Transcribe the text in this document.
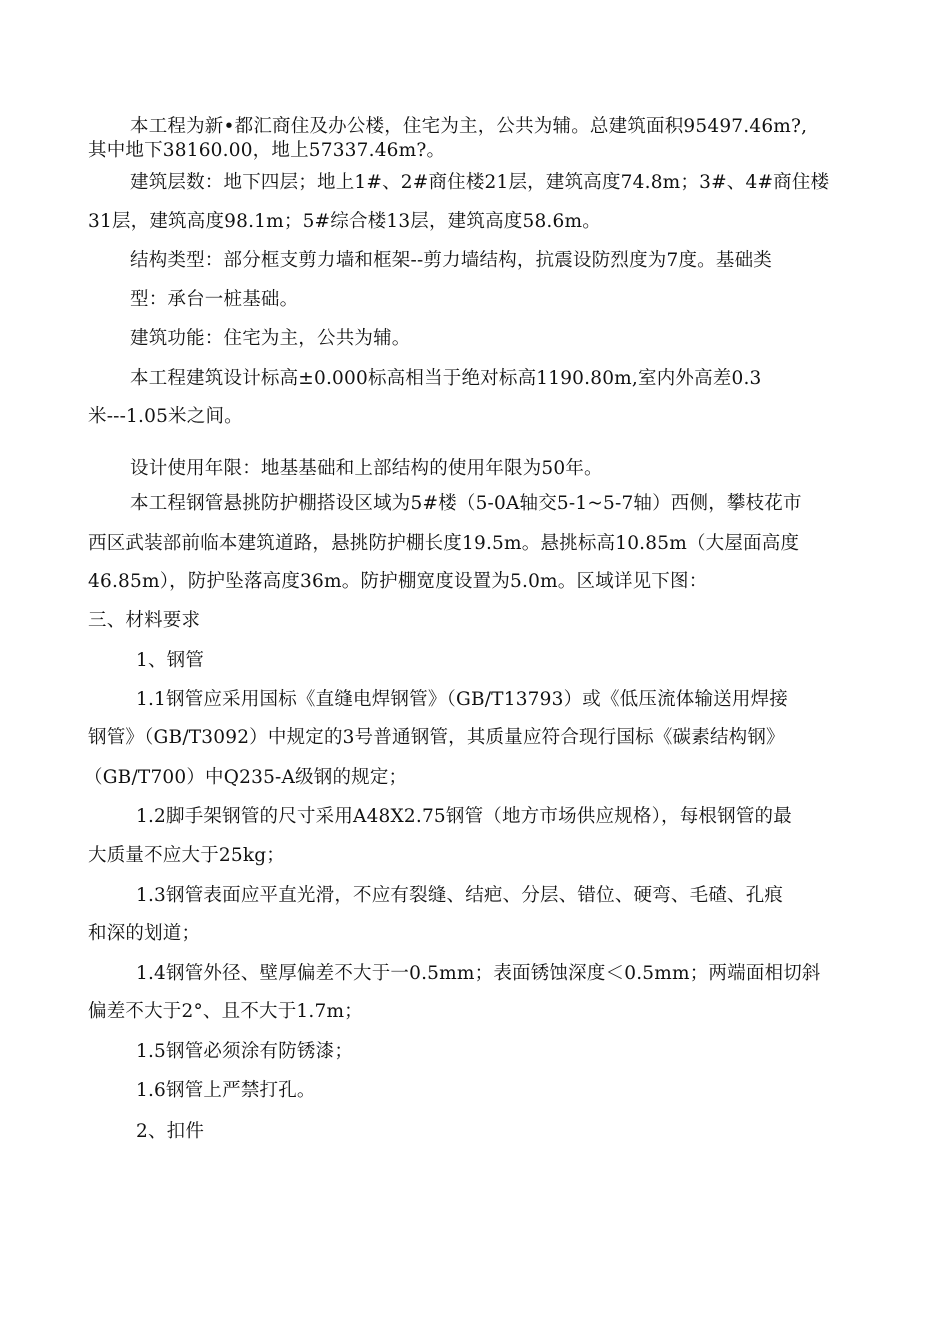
本工程为新•都汇商住及办公楼，住宅为主，公共为辅。总建筑面积95497.46m?,

其中地下38160.00，地上57337.46m?。

建筑层数：地下四层；地上1#、2#商住楼21层，建筑高度74.8m；3#、4#商住楼

31层，建筑高度98.1m；5#综合楼13层，建筑高度58.6m。

结构类型：部分框支剪力墙和框架--剪力墙结构，抗震设防烈度为7度。基础类

型：承台一桩基础。

建筑功能：住宅为主，公共为辅。

本工程建筑设计标高±0.000标高相当于绝对标高1190.80m,室内外高差0.3

米---1.05米之间。

设计使用年限：地基基础和上部结构的使用年限为50年。

本工程钢管悬挑防护棚搭设区域为5#楼（5-0A轴交5-1~5-7轴）西侧，攀枝花市

西区武装部前临本建筑道路，悬挑防护棚长度19.5m。悬挑标高10.85m（大屋面高度

46.85m），防护坠落高度36m。防护棚宽度设置为5.0m。区域详见下图：

三、材料要求

1、钢管

1.1钢管应采用国标《直缝电焊钢管》（GB/T13793）或《低压流体输送用焊接

钢管》（GB/T3092）中规定的3号普通钢管，其质量应符合现行国标《碳素结构钢》

（GB/T700）中Q235-A级钢的规定；

1.2脚手架钢管的尺寸采用A48X2.75钢管（地方市场供应规格），每根钢管的最

大质量不应大于25kg；

1.3钢管表面应平直光滑，不应有裂缝、结疤、分层、错位、硬弯、毛碴、孔痕

和深的划道；

1.4钢管外径、壁厚偏差不大于一0.5mm；表面锈蚀深度＜0.5mm；两端面相切斜

偏差不大于2°、且不大于1.7m；

1.5钢管必须涂有防锈漆；

1.6钢管上严禁打孔。

2、扣件
